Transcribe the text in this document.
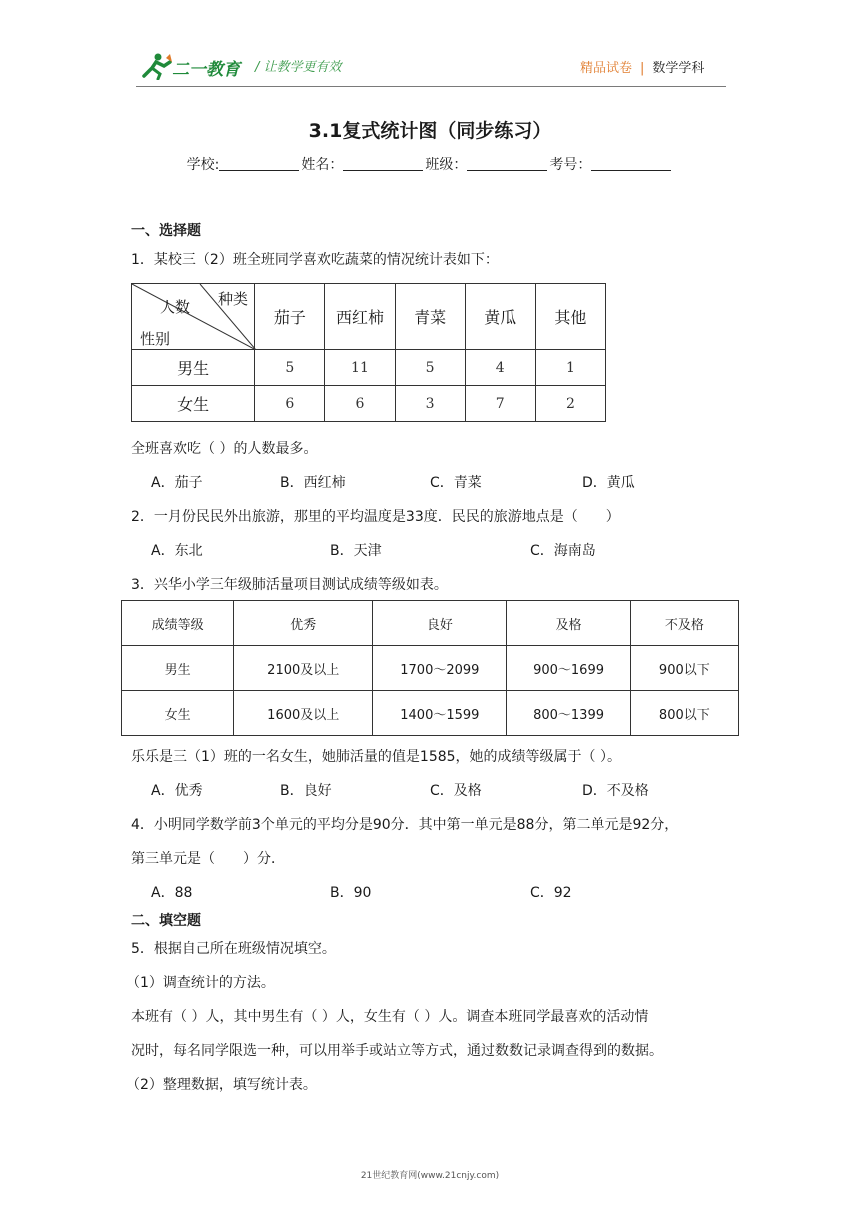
二一教育 / 让教学更有效	精品试卷 | 数学学科
3.1复式统计图（同步练习）
学校:	姓名：	班级：	考号：
一、选择题
1．某校三（2）班全班同学喜欢吃蔬菜的情况统计表如下：
种类
人数
性别	茄子	西红柿	青菜	黄瓜	其他
男生	5	11	5	4	1
女生	6	6	3	7	2
全班喜欢吃（ ）的人数最多。
A．茄子	B．西红柿	C．青菜	D．黄瓜
2．一月份民民外出旅游，那里的平均温度是33度．民民的旅游地点是（　　）
A．东北	B．天津	C．海南岛
3．兴华小学三年级肺活量项目测试成绩等级如表。
成绩等级	优秀	良好	及格	不及格
男生	2100及以上	1700～2099	900～1699	900以下
女生	1600及以上	1400～1599	800～1399	800以下
乐乐是三（1）班的一名女生，她肺活量的值是1585，她的成绩等级属于（ ）。
A．优秀	B．良好	C．及格	D．不及格
4．小明同学数学前3个单元的平均分是90分．其中第一单元是88分，第二单元是92分，
第三单元是（　　）分．
A．88	B．90	C．92
二、填空题
5．根据自己所在班级情况填空。
（1）调查统计的方法。
本班有（ ）人，其中男生有（ ）人，女生有（ ）人。调查本班同学最喜欢的活动情
况时，每名同学限选一种，可以用举手或站立等方式，通过数数记录调查得到的数据。
（2）整理数据，填写统计表。
21世纪教育网(www.21cnjy.com)
